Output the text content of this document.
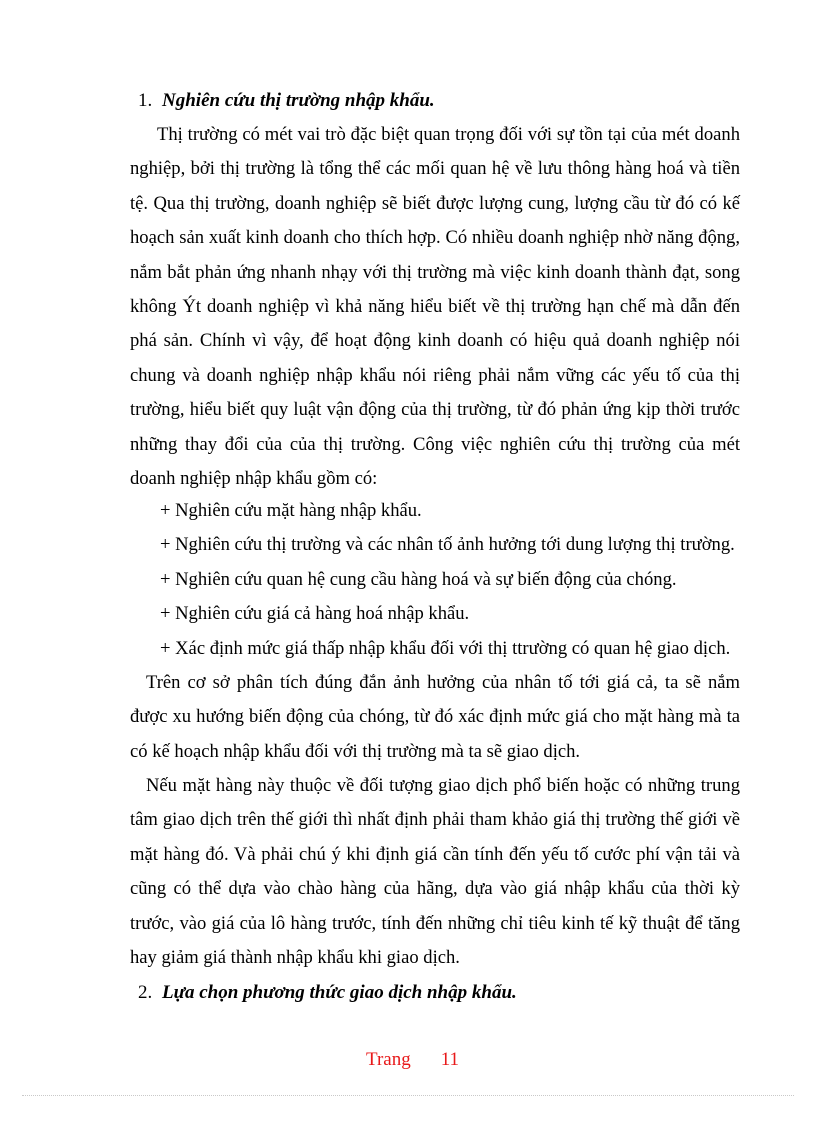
1. Nghiên cứu thị trường nhập khẩu.

Thị trường có mét vai trò đặc biệt quan trọng đối với sự tồn tại của mét doanh nghiệp, bởi thị trường là tổng thể các mối quan hệ về lưu thông hàng hoá và tiền tệ. Qua thị trường, doanh nghiệp sẽ biết được lượng cung, lượng cầu từ đó có kế hoạch sản xuất kinh doanh cho thích hợp. Có nhiều doanh nghiệp nhờ năng động, nắm bắt phản ứng nhanh nhạy với thị trường mà việc kinh doanh thành đạt, song không Ýt doanh nghiệp vì khả năng hiểu biết về thị trường hạn chế mà dẫn đến phá sản. Chính vì vậy, để hoạt động kinh doanh có hiệu quả doanh nghiệp nói chung và doanh nghiệp nhập khẩu nói riêng phải nắm vững các yếu tố của thị trường, hiểu biết quy luật vận động của thị trường, từ đó phản ứng kịp thời trước những thay đổi của của thị trường. Công việc nghiên cứu thị trường của mét doanh nghiệp nhập khẩu gồm có:

+ Nghiên cứu mặt hàng nhập khẩu.
+ Nghiên cứu thị trường và các nhân tố ảnh hưởng tới dung lượng thị trường.
+ Nghiên cứu quan hệ cung cầu hàng hoá và sự biến động của chóng.
+ Nghiên cứu giá cả hàng hoá nhập khẩu.
+ Xác định mức giá thấp nhập khẩu đối với thị ttrường có quan hệ giao dịch.

Trên cơ sở phân tích đúng đắn ảnh hưởng của nhân tố tới giá cả, ta sẽ nắm được xu hướng biến động của chóng, từ đó xác định mức giá cho mặt hàng mà ta có kế hoạch nhập khẩu đối với thị trường mà ta sẽ giao dịch.

Nếu mặt hàng này thuộc về đối tượng giao dịch phổ biến hoặc có những trung tâm giao dịch trên thế giới thì nhất định phải tham khảo giá thị trường thế giới về mặt hàng đó. Và phải chú ý khi định giá cần tính đến yếu tố cước phí vận tải và cũng có thể dựa vào chào hàng của hãng, dựa vào giá nhập khẩu của thời kỳ trước, vào giá của lô hàng trước, tính đến những chỉ tiêu kinh tế kỹ thuật để tăng hay giảm giá thành nhập khẩu khi giao dịch.

2. Lựa chọn phương thức giao dịch nhập khẩu.
Trang 11
